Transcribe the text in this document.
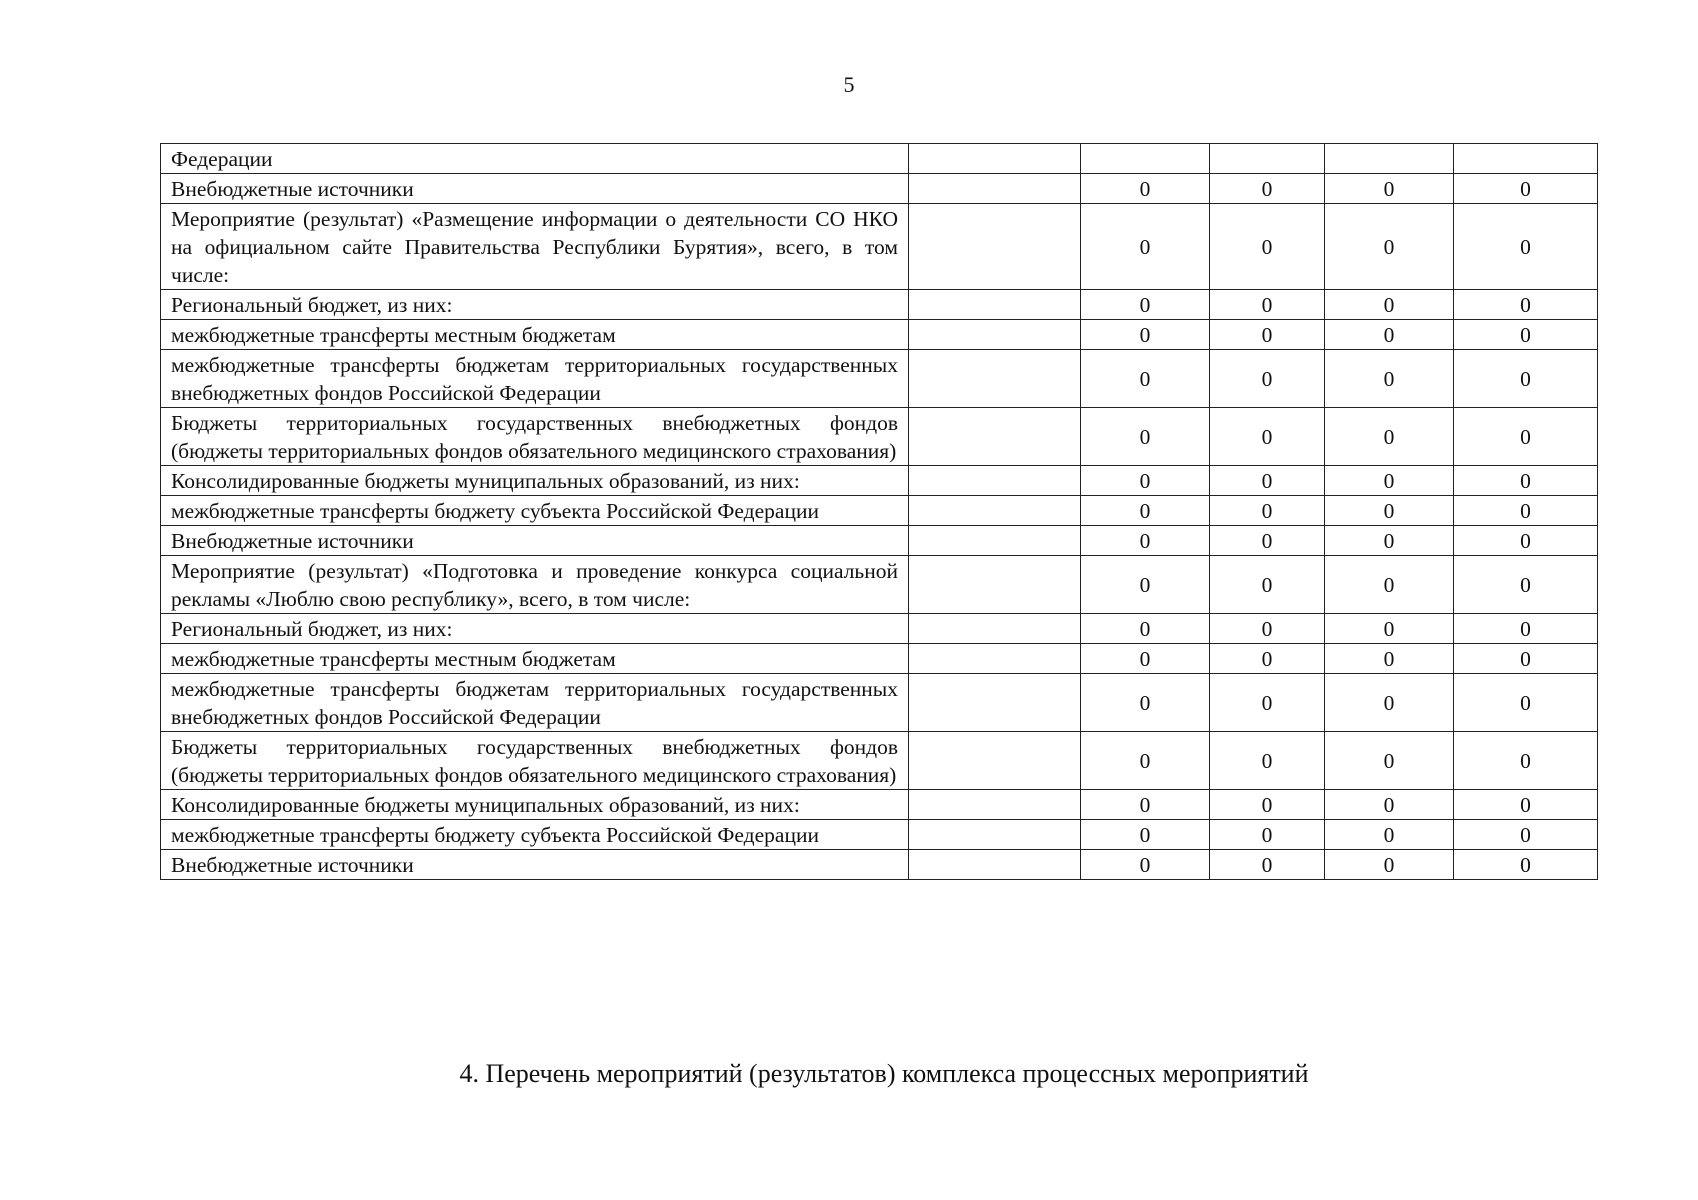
5
Федерации					
Внебюджетные источники		0	0	0	0
Мероприятие (результат) «Размещение информации о деятельности СО НКО на официальном сайте Правительства Республики Бурятия», всего, в том числе:		0	0	0	0
Региональный бюджет, из них:		0	0	0	0
межбюджетные трансферты местным бюджетам		0	0	0	0
межбюджетные трансферты бюджетам территориальных государственных внебюджетных фондов Российской Федерации		0	0	0	0
Бюджеты территориальных государственных внебюджетных фондов (бюджеты территориальных фондов обязательного медицинского страхования)		0	0	0	0
Консолидированные бюджеты муниципальных образований, из них:		0	0	0	0
межбюджетные трансферты бюджету субъекта Российской Федерации		0	0	0	0
Внебюджетные источники		0	0	0	0
Мероприятие (результат) «Подготовка и проведение конкурса социальной рекламы «Люблю свою республику», всего, в том числе:		0	0	0	0
Региональный бюджет, из них:		0	0	0	0
межбюджетные трансферты местным бюджетам		0	0	0	0
межбюджетные трансферты бюджетам территориальных государственных внебюджетных фондов Российской Федерации		0	0	0	0
Бюджеты территориальных государственных внебюджетных фондов (бюджеты территориальных фондов обязательного медицинского страхования)		0	0	0	0
Консолидированные бюджеты муниципальных образований, из них:		0	0	0	0
межбюджетные трансферты бюджету субъекта Российской Федерации		0	0	0	0
Внебюджетные источники		0	0	0	0
4. Перечень мероприятий (результатов) комплекса процессных мероприятий
